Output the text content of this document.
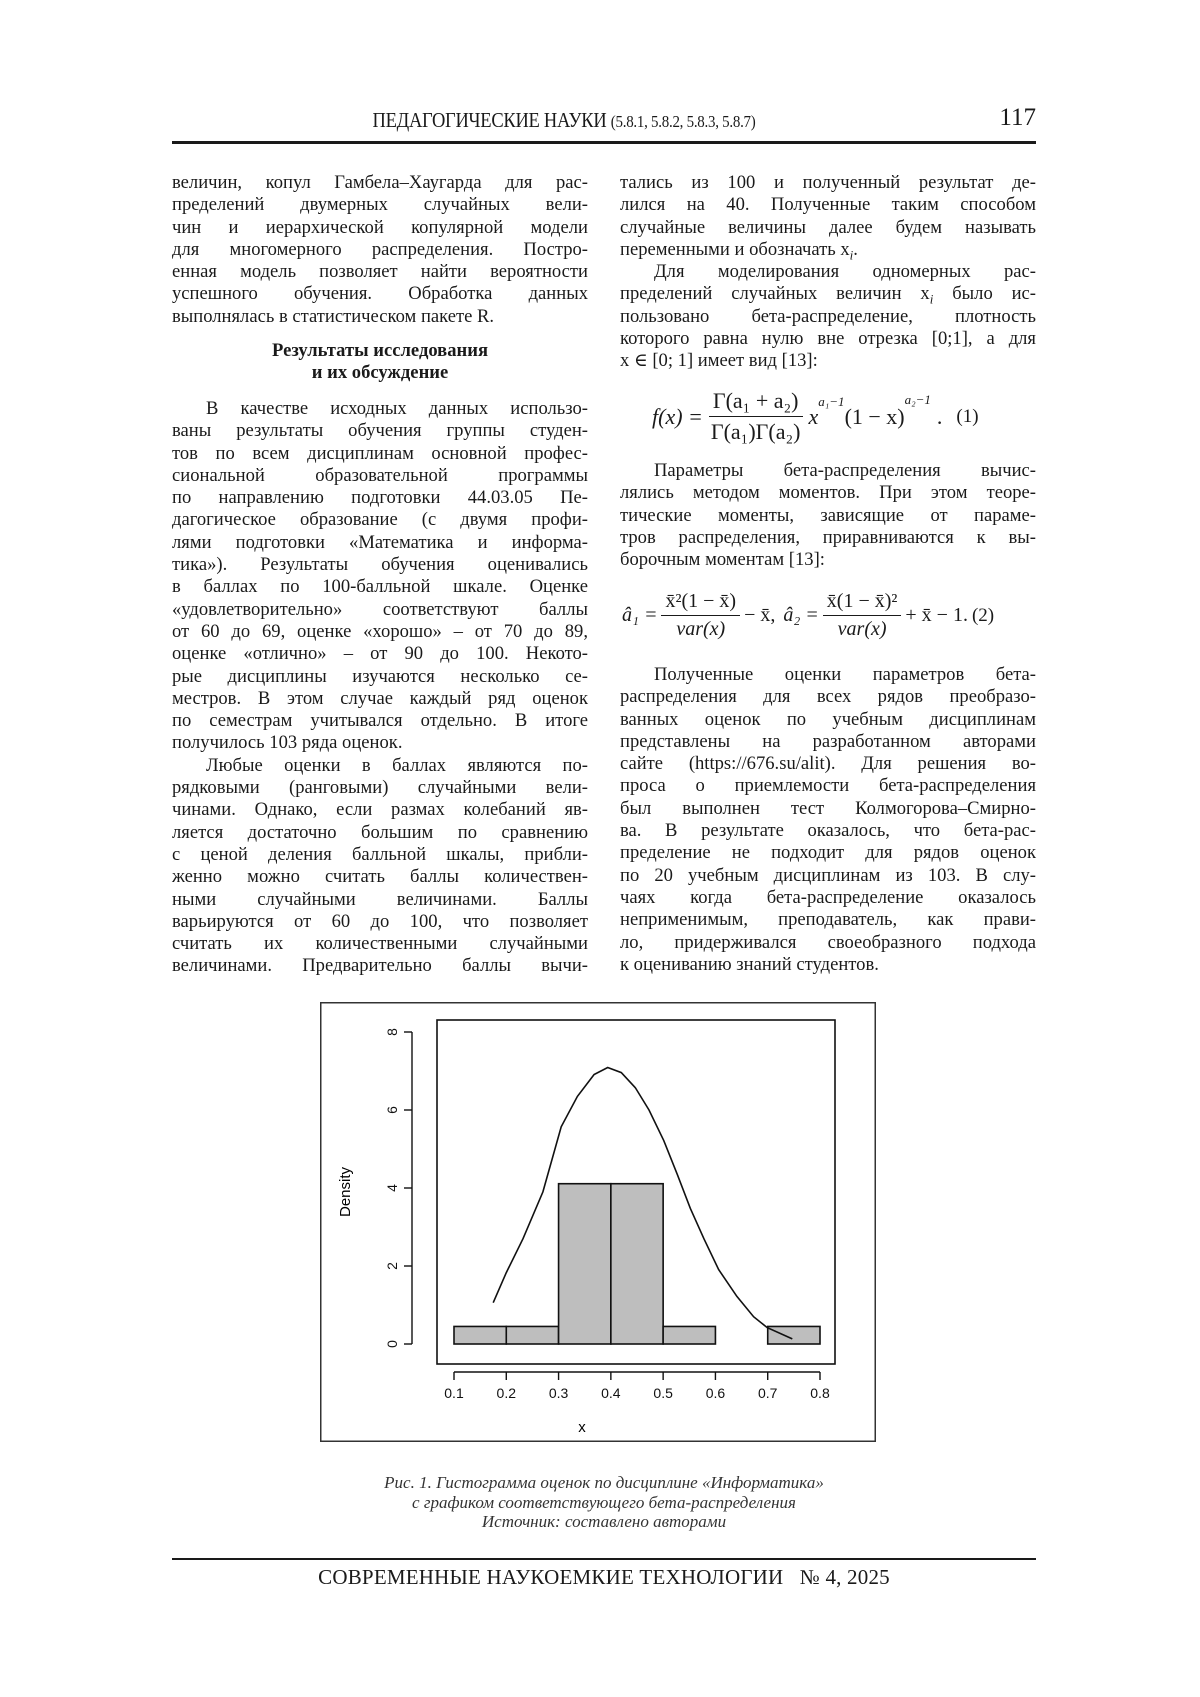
ПЕДАГОГИЧЕСКИЕ НАУКИ (5.8.1, 5.8.2, 5.8.3, 5.8.7)	117
величин, копул Гамбела–Хаугарда для рас-
пределений двумерных случайных вели-
чин и иерархической копулярной модели
для многомерного распределения. Постро-
енная модель позволяет найти вероятности
успешного обучения. Обработка данных
выполнялась в статистическом пакете R.
Результаты исследования
и их обсуждение
В качестве исходных данных использо-
ваны результаты обучения группы студен-
тов по всем дисциплинам основной профес-
сиональной образовательной программы
по направлению подготовки 44.03.05 Пе-
дагогическое образование (с двумя профи-
лями подготовки «Математика и информа-
тика»). Результаты обучения оценивались
в баллах по 100-балльной шкале. Оценке
«удовлетворительно» соответствуют баллы
от 60 до 69, оценке «хорошо» – от 70 до 89,
оценке «отлично» – от 90 до 100. Некото-
рые дисциплины изучаются несколько се-
местров. В этом случае каждый ряд оценок
по семестрам учитывался отдельно. В итоге
получилось 103 ряда оценок.
Любые оценки в баллах являются по-
рядковыми (ранговыми) случайными вели-
чинами. Однако, если размах колебаний яв-
ляется достаточно большим по сравнению
с ценой деления балльной шкалы, прибли-
женно можно считать баллы количествен-
ными случайными величинами. Баллы
варьируются от 60 до 100, что позволяет
считать их количественными случайными
величинами. Предварительно баллы вычи-
тались из 100 и полученный результат де-
лился на 40. Полученные таким способом
случайные величины далее будем называть
переменными и обозначать xi.
Для моделирования одномерных рас-
пределений случайных величин xi было ис-
пользовано бета-распределение, плотность
которого равна нулю вне отрезка [0;1], а для
x ∈ [0; 1] имеет вид [13]:
f(x) =
Γ(a₁ + a₂)
Γ(a₁)Γ(a₂)
x
a₁−1
(1 − x)
a₂−1
. (1)
Параметры бета-распределения вычис-
лялись методом моментов. При этом теоре-
тические моменты, зависящие от параме-
тров распределения, приравниваются к вы-
борочным моментам [13]:
â₁ =
x̄²(1 − x̄)
var(x)
− x̄, â₂ =
x̄(1 − x̄)²
var(x)
+ x̄ − 1. (2)
Полученные оценки параметров бета-
распределения для всех рядов преобразо-
ванных оценок по учебным дисциплинам
представлены на разработанном авторами
сайте (https://676.su/alit). Для решения во-
проса о приемлемости бета-распределения
был выполнен тест Колмогорова–Смирно-
ва. В результате оказалось, что бета-рас-
пределение не подходит для рядов оценок
по 20 учебным дисциплинам из 103. В слу-
чаях когда бета-распределение оказалось
неприменимым, преподаватель, как прави-
ло, придерживался своеобразного подхода
к оцениванию знаний студентов.
0.1 0.2 0.3 0.4 0.5 0.6 0.7 0.8
0
2
4
6
8
x
Density
Рис. 1. Гистограмма оценок по дисциплине «Информатика»
с графиком соответствующего бета-распределения
Источник: составлено авторами
СОВРЕМЕННЫЕ НАУКОЕМКИЕ ТЕХНОЛОГИИ   № 4, 2025
